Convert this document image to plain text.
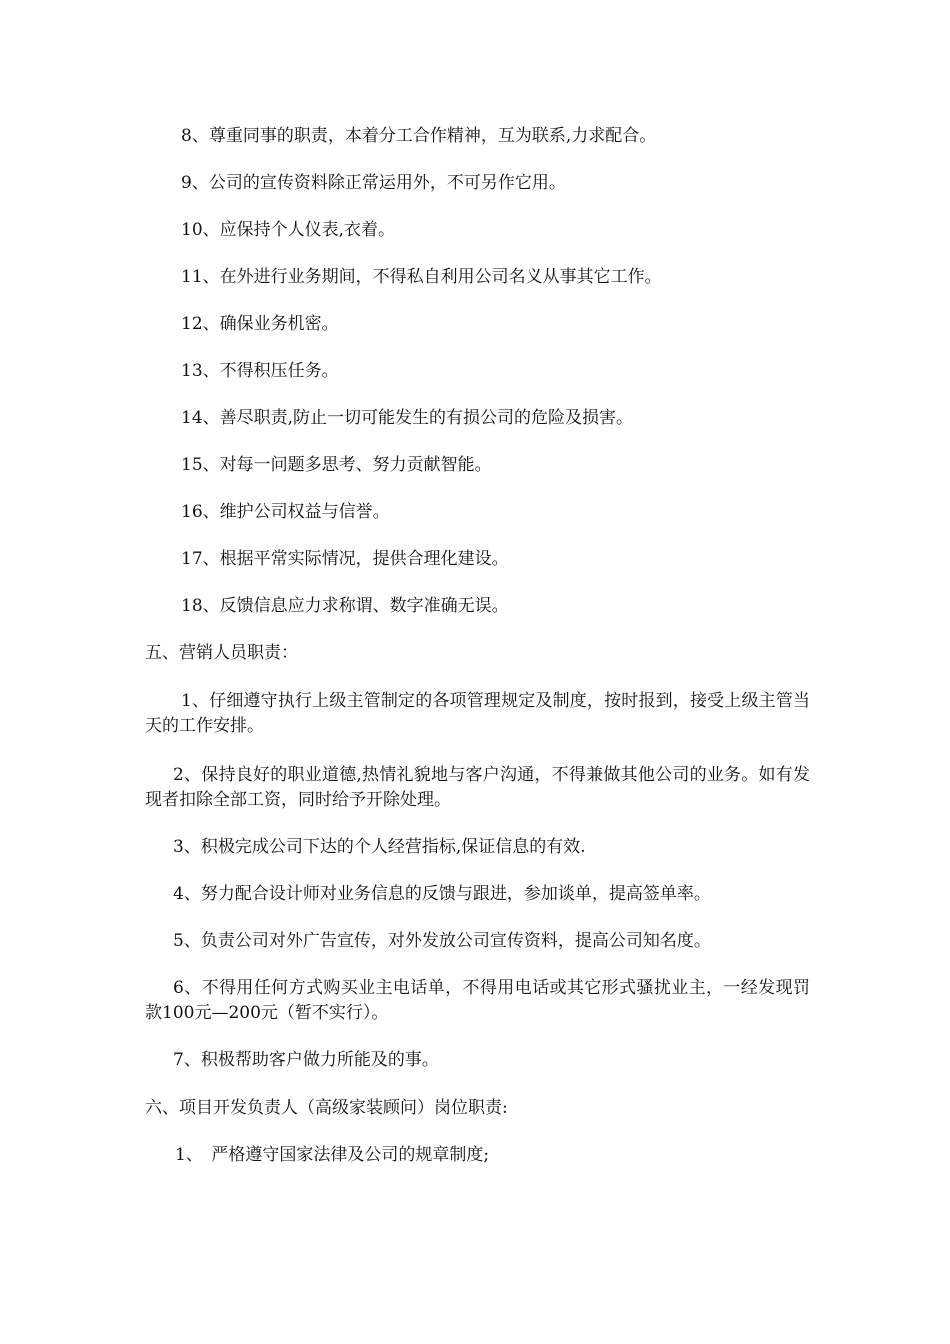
8、尊重同事的职责，本着分工合作精神，互为联系,力求配合。

9、公司的宣传资料除正常运用外，不可另作它用。

10、应保持个人仪表,衣着。

11、在外进行业务期间，不得私自利用公司名义从事其它工作。

12、确保业务机密。

13、不得积压任务。

14、善尽职责,防止一切可能发生的有损公司的危险及损害。

15、对每一问题多思考、努力贡献智能。

16、维护公司权益与信誉。

17、根据平常实际情况，提供合理化建设。

18、反馈信息应力求称谓、数字准确无误。

五、营销人员职责：

1、仔细遵守执行上级主管制定的各项管理规定及制度，按时报到，接受上级主管当天的工作安排。

2、保持良好的职业道德,热情礼貌地与客户沟通，不得兼做其他公司的业务。如有发现者扣除全部工资，同时给予开除处理。

3、积极完成公司下达的个人经营指标,保证信息的有效.

4、努力配合设计师对业务信息的反馈与跟进，参加谈单，提高签单率。

5、负责公司对外广告宣传，对外发放公司宣传资料，提高公司知名度。

6、不得用任何方式购买业主电话单，不得用电话或其它形式骚扰业主，一经发现罚款100元—200元（暂不实行）。

7、积极帮助客户做力所能及的事。

六、项目开发负责人（高级家装顾问）岗位职责:

1、　严格遵守国家法律及公司的规章制度;
